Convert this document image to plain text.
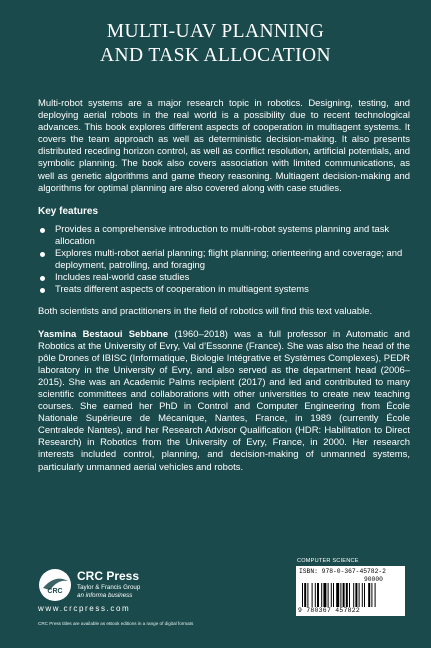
MULTI-UAV PLANNING
AND TASK ALLOCATION

Multi-robot systems are a major research topic in robotics. Designing, testing, and deploying aerial robots in the real world is a possibility due to recent technological advances. This book explores different aspects of cooperation in multiagent systems. It covers the team approach as well as deterministic decision-making. It also presents distributed receding horizon control, as well as conflict resolution, artificial potentials, and symbolic planning. The book also covers association with limited communications, as well as genetic algorithms and game theory reasoning. Multiagent decision-making and algorithms for optimal planning are also covered along with case studies.

Key features

Provides a comprehensive introduction to multi-robot systems planning and task allocation
Explores multi-robot aerial planning; flight planning; orienteering and coverage; and deployment, patrolling, and foraging
Includes real-world case studies
Treats different aspects of cooperation in multiagent systems

Both scientists and practitioners in the field of robotics will find this text valuable.

Yasmina Bestaoui Sebbane (1960–2018) was a full professor in Automatic and Robotics at the University of Evry, Val d’Essonne (France). She was also the head of the pôle Drones of IBISC (Informatique, Biologie Intégrative et Systèmes Complexes), PEDR laboratory in the University of Evry, and also served as the department head (2006–2015). She was an Academic Palms recipient (2017) and led and contributed to many scientific committees and collaborations with other universities to create new teaching courses. She earned her PhD in Control and Computer Engineering from École Nationale Supérieure de Mécanique, Nantes, France, in 1989 (currently École Centralede Nantes), and her Research Advisor Qualification (HDR: Habilitation to Direct Research) in Robotics from the University of Evry, France, in 2000. Her research interests included control, planning, and decision-making of unmanned systems, particularly unmanned aerial vehicles and robots.

CRC
CRC Press
Taylor & Francis Group
an informa business
www.crcpress.com
CRC Press titles are available as eBook editions in a range of digital formats
COMPUTER SCIENCE
ISBN: 978-0-367-45782-2
90000
9 780367 457822
